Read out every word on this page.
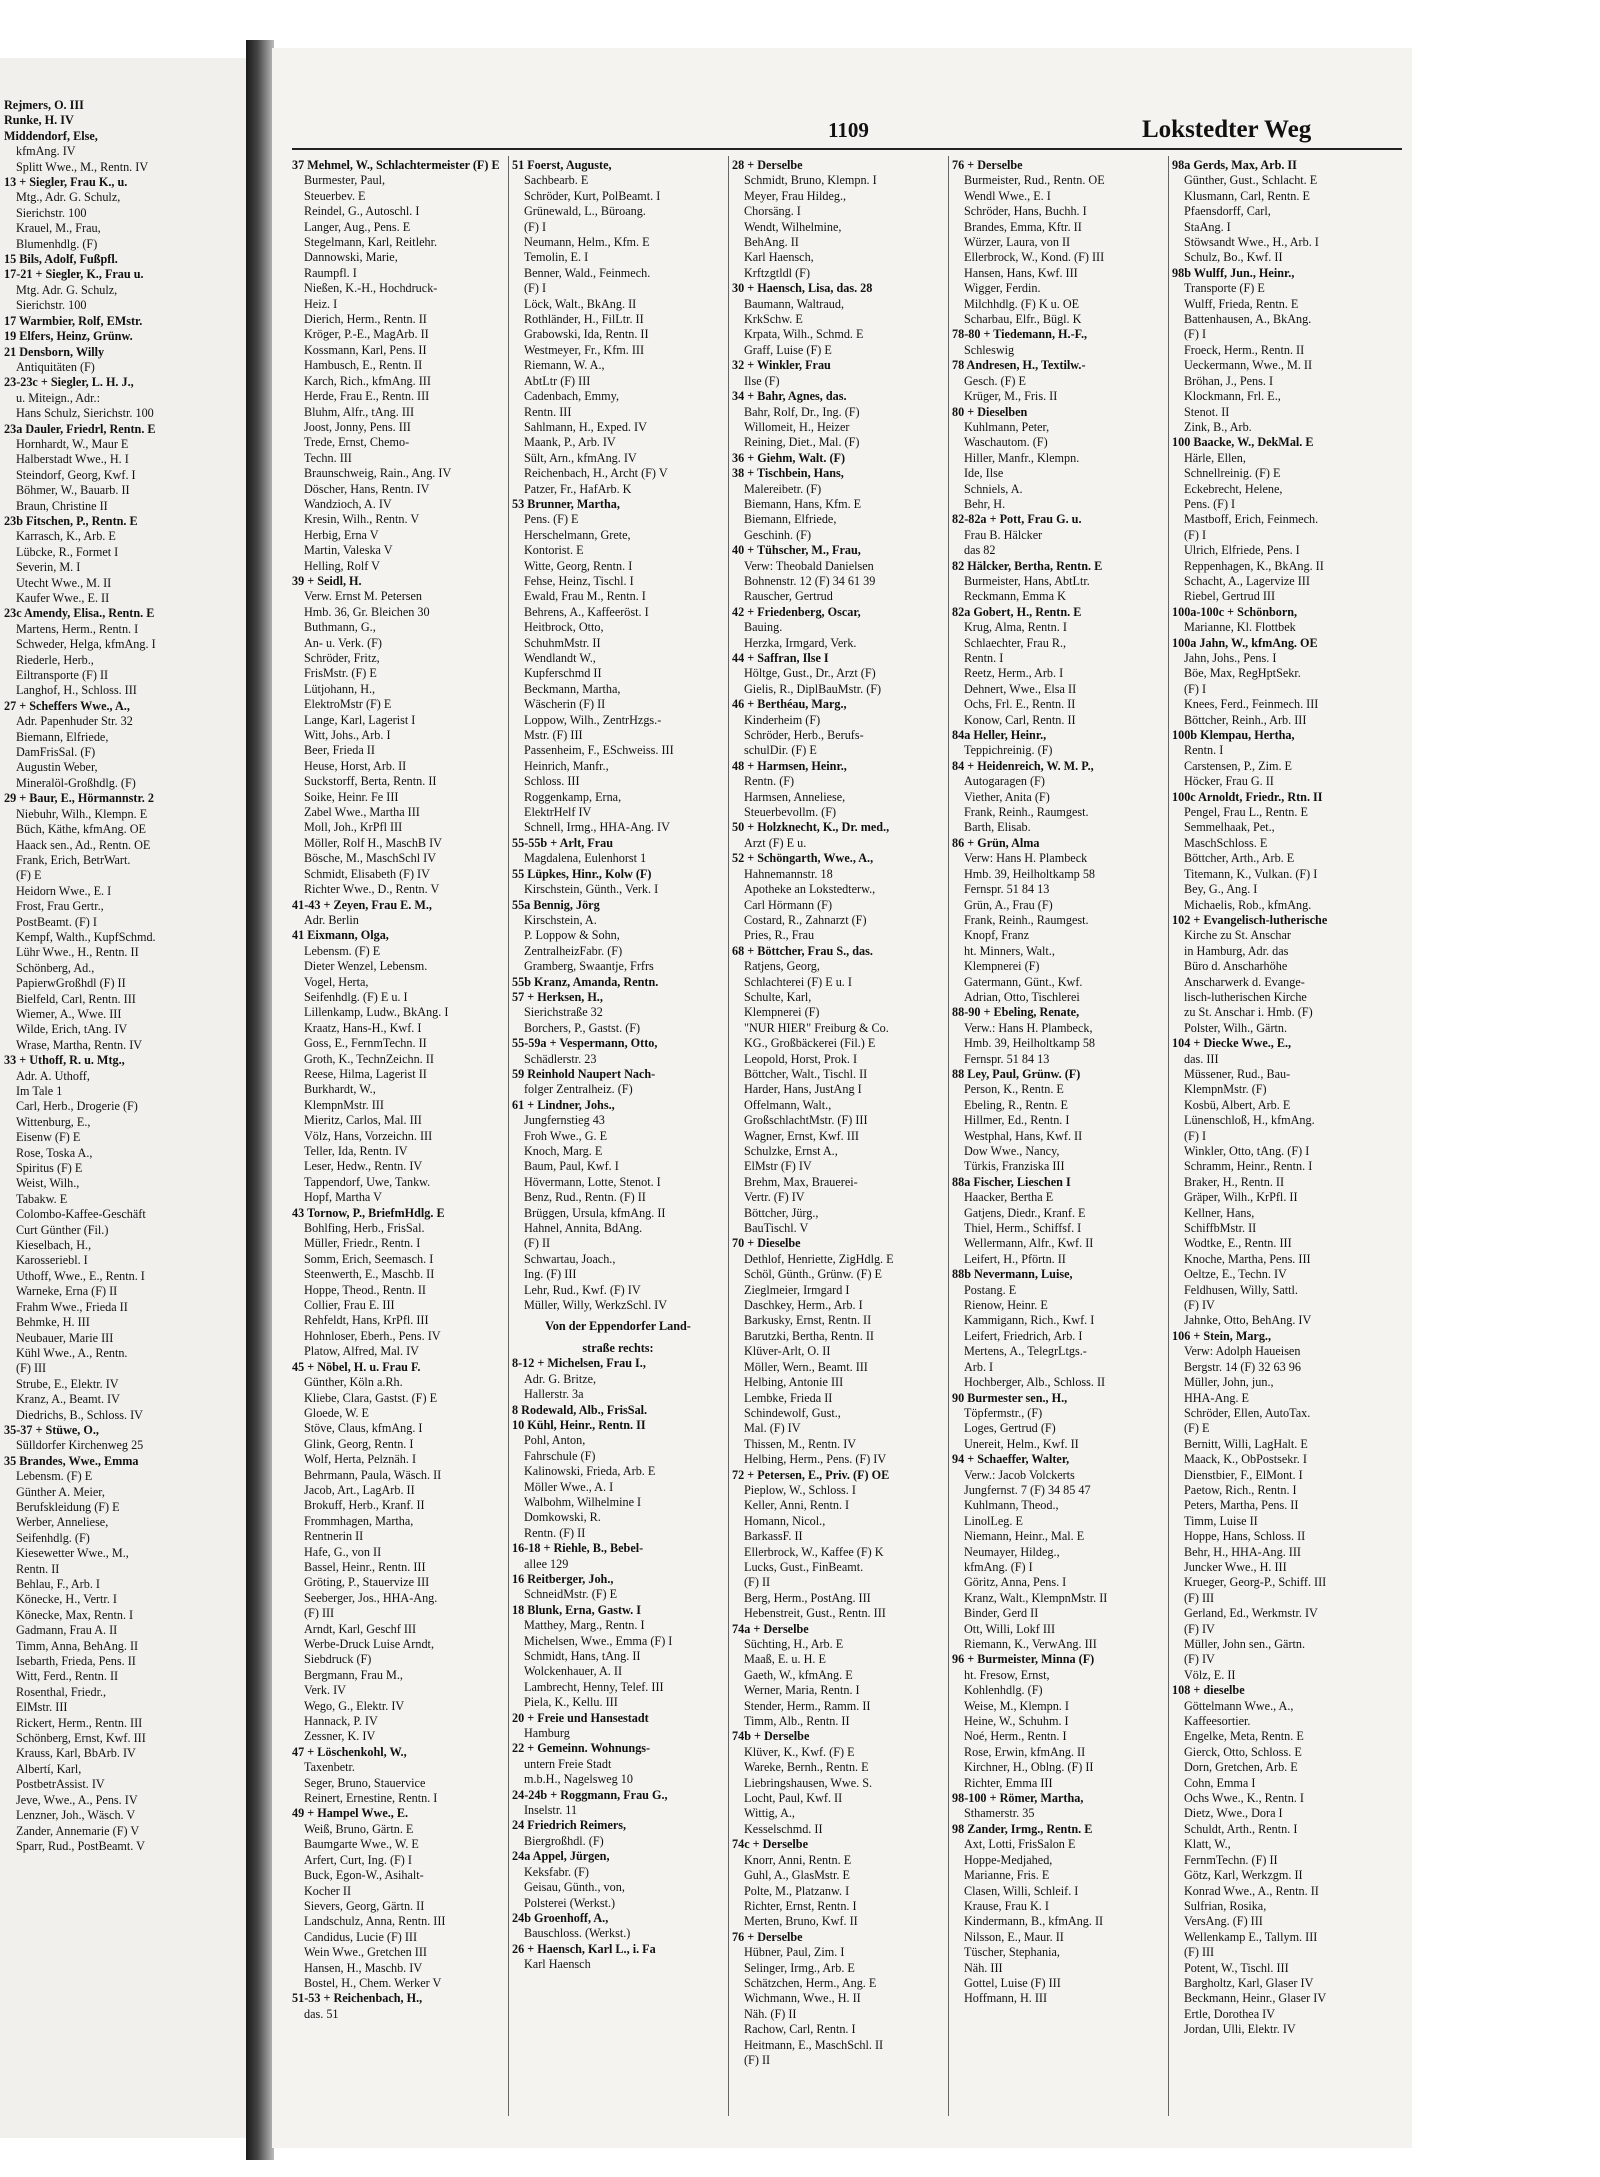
Rejmers, O. III
Runke, H. IV
Middendorf, Else,
kfmAng. IV
Splitt Wwe., M., Rentn. IV
13 + Siegler, Frau K., u.
Mtg., Adr. G. Schulz,
Sierichstr. 100
Krauel, M., Frau,
Blumenhdlg. (F)
15 Bils, Adolf, Fußpfl.
17-21 + Siegler, K., Frau u.
Mtg. Adr. G. Schulz,
Sierichstr. 100
17 Warmbier, Rolf, EMstr.
19 Elfers, Heinz, Grünw.
21 Densborn, Willy
Antiquitäten (F)
23-23c + Siegler, L. H. J.,
u. Miteign., Adr.:
Hans Schulz, Sierichstr. 100
23a Dauler, Friedrl, Rentn. E
Hornhardt, W., Maur E
Halberstadt Wwe., H. I
Steindorf, Georg, Kwf. I
Böhmer, W., Bauarb. II
Braun, Christine II
23b Fitschen, P., Rentn. E
Karrasch, K., Arb. E
Lübcke, R., Formet I
Severin, M. I
Utecht Wwe., M. II
Kaufer Wwe., E. II
23c Amendy, Elisa., Rentn. E
Martens, Herm., Rentn. I
Schweder, Helga, kfmAng. I
Riederle, Herb.,
Eiltransporte (F) II
Langhof, H., Schloss. III
27 + Scheffers Wwe., A.,
Adr. Papenhuder Str. 32
Biemann, Elfriede,
DamFrisSal. (F)
Augustin Weber,
Mineralöl-Großhdlg. (F)
29 + Baur, E., Hörmannstr. 2
Niebuhr, Wilh., Klempn. E
Büch, Käthe, kfmAng. OE
Haack sen., Ad., Rentn. OE
Frank, Erich, BetrWart.
(F) E
Heidorn Wwe., E. I
Frost, Frau Gertr.,
PostBeamt. (F) I
Kempf, Walth., KupfSchmd.
Lühr Wwe., H., Rentn. II
Schönberg, Ad.,
PapierwGroßhdl (F) II
Bielfeld, Carl, Rentn. III
Wiemer, A., Wwe. III
Wilde, Erich, tAng. IV
Wrase, Martha, Rentn. IV
33 + Uthoff, R. u. Mtg.,
Adr. A. Uthoff,
Im Tale 1
Carl, Herb., Drogerie (F)
Wittenburg, E.,
Eisenw (F) E
Rose, Toska A.,
Spiritus (F) E
Weist, Wilh.,
Tabakw. E
Colombo-Kaffee-Geschäft
Curt Günther (Fil.)
Kieselbach, H.,
Karosseriebl. I
Uthoff, Wwe., E., Rentn. I
Warneke, Erna (F) II
Frahm Wwe., Frieda II
Behmke, H. III
Neubauer, Marie III
Kühl Wwe., A., Rentn.
(F) III
Strube, E., Elektr. IV
Kranz, A., Beamt. IV
Diedrichs, B., Schloss. IV
35-37 + Stüwe, O.,
Sülldorfer Kirchenweg 25
35 Brandes, Wwe., Emma
Lebensm. (F) E
Günther A. Meier,
Berufskleidung (F) E
Werber, Anneliese,
Seifenhdlg. (F)
Kiesewetter Wwe., M.,
Rentn. II
Behlau, F., Arb. I
Könecke, H., Vertr. I
Könecke, Max, Rentn. I
Gadmann, Frau A. II
Timm, Anna, BehAng. II
Isebarth, Frieda, Pens. II
Witt, Ferd., Rentn. II
Rosenthal, Friedr.,
ElMstr. III
Rickert, Herm., Rentn. III
Schönberg, Ernst, Kwf. III
Krauss, Karl, BbArb. IV
Albertí, Karl,
PostbetrAssist. IV
Jeve, Wwe., A., Pens. IV
Lenzner, Joh., Wäsch. V
Zander, Annemarie (F) V
Sparr, Rud., PostBeamt. V
1109	Lokstedter Weg
37 Mehmel, W., Schlachtermeister (F) E
Burmester, Paul,
Steuerbev. E
Reindel, G., Autoschl. I
Langer, Aug., Pens. E
Stegelmann, Karl, Reitlehr.
Dannowski, Marie,
Raumpfl. I
Nießen, K.-H., Hochdruck-
Heiz. I
Dierich, Herm., Rentn. II
Kröger, P.-E., MagArb. II
Kossmann, Karl, Pens. II
Hambusch, E., Rentn. II
Karch, Rich., kfmAng. III
Herde, Frau E., Rentn. III
Bluhm, Alfr., tAng. III
Joost, Jonny, Pens. III
Trede, Ernst, Chemo-
Techn. III
Braunschweig, Rain., Ang. IV
Döscher, Hans, Rentn. IV
Wandzioch, A. IV
Kresin, Wilh., Rentn. V
Herbig, Erna V
Martin, Valeska V
Helling, Rolf V
39 + Seidl, H.
Verw. Ernst M. Petersen
Hmb. 36, Gr. Bleichen 30
Buthmann, G.,
An- u. Verk. (F)
Schröder, Fritz,
FrisMstr. (F) E
Lütjohann, H.,
ElektroMstr (F) E
Lange, Karl, Lagerist I
Witt, Johs., Arb. I
Beer, Frieda II
Heuse, Horst, Arb. II
Suckstorff, Berta, Rentn. II
Soike, Heinr. Fe III
Zabel Wwe., Martha III
Moll, Joh., KrPfl III
Möller, Rolf H., MaschB IV
Bösche, M., MaschSchl IV
Schmidt, Elisabeth (F) IV
Richter Wwe., D., Rentn. V
41-43 + Zeyen, Frau E. M.,
Adr. Berlin
41 Eixmann, Olga,
Lebensm. (F) E
Dieter Wenzel, Lebensm.
Vogel, Herta,
Seifenhdlg. (F) E u. I
Lillenkamp, Ludw., BkAng. I
Kraatz, Hans-H., Kwf. I
Goss, E., FernmTechn. II
Groth, K., TechnZeichn. II
Reese, Hilma, Lagerist II
Burkhardt, W.,
KlempnMstr. III
Mieritz, Carlos, Mal. III
Völz, Hans, Vorzeichn. III
Teller, Ida, Rentn. IV
Leser, Hedw., Rentn. IV
Tappendorf, Uwe, Tankw.
Hopf, Martha V
43 Tornow, P., BriefmHdlg. E
Bohlfing, Herb., FrisSal.
Müller, Friedr., Rentn. I
Somm, Erich, Seemasch. I
Steenwerth, E., Maschb. II
Hoppe, Theod., Rentn. II
Collier, Frau E. III
Rehfeldt, Hans, KrPfl. III
Hohnloser, Eberh., Pens. IV
Platow, Alfred, Mal. IV
45 + Nöbel, H. u. Frau F.
Günther, Köln a.Rh.
Kliebe, Clara, Gastst. (F) E
Gloede, W. E
Stöve, Claus, kfmAng. I
Glink, Georg, Rentn. I
Wolf, Herta, Pelznäh. I
Behrmann, Paula, Wäsch. II
Jacob, Art., LagArb. II
Brokuff, Herb., Kranf. II
Frommhagen, Martha,
Rentnerin II
Hafe, G., von II
Bassel, Heinr., Rentn. III
Gröting, P., Stauervize III
Seeberger, Jos., HHA-Ang.
(F) III
Arndt, Karl, Geschf III
Werbe-Druck Luise Arndt,
Siebdruck (F)
Bergmann, Frau M.,
Verk. IV
Wego, G., Elektr. IV
Hannack, P. IV
Zessner, K. IV
47 + Löschenkohl, W.,
Taxenbetr.
Seger, Bruno, Stauervice
Reinert, Ernestine, Rentn. I
49 + Hampel Wwe., E.
Weiß, Bruno, Gärtn. E
Baumgarte Wwe., W. E
Arfert, Curt, Ing. (F) I
Buck, Egon-W., Asihalt-
Kocher II
Sievers, Georg, Gärtn. II
Landschulz, Anna, Rentn. III
Candidus, Lucie (F) III
Wein Wwe., Gretchen III
Hansen, H., Maschb. IV
Bostel, H., Chem. Werker V
51-53 + Reichenbach, H.,
das. 51
51 Foerst, Auguste,
Sachbearb. E
Schröder, Kurt, PolBeamt. I
Grünewald, L., Büroang.
(F) I
Neumann, Helm., Kfm. E
Temolin, E. I
Benner, Wald., Feinmech.
(F) I
Löck, Walt., BkAng. II
Rothländer, H., FilLtr. II
Grabowski, Ida, Rentn. II
Westmeyer, Fr., Kfm. III
Riemann, W. A.,
AbtLtr (F) III
Cadenbach, Emmy,
Rentn. III
Sahlmann, H., Exped. IV
Maank, P., Arb. IV
Sült, Arn., kfmAng. IV
Reichenbach, H., Archt (F) V
Patzer, Fr., HafArb. K
53 Brunner, Martha,
Pens. (F) E
Herschelmann, Grete,
Kontorist. E
Witte, Georg, Rentn. I
Fehse, Heinz, Tischl. I
Ewald, Frau M., Rentn. I
Behrens, A., Kaffeeröst. I
Heitbrock, Otto,
SchuhmMstr. II
Wendlandt W.,
Kupferschmd II
Beckmann, Martha,
Wäscherin (F) II
Loppow, Wilh., ZentrHzgs.-
Mstr. (F) III
Passenheim, F., ESchweiss. III
Heinrich, Manfr.,
Schloss. III
Roggenkamp, Erna,
ElektrHelf IV
Schnell, Irmg., HHA-Ang. IV
55-55b + Arlt, Frau
Magdalena, Eulenhorst 1
55 Lüpkes, Hinr., Kolw (F)
Kirschstein, Günth., Verk. I
55a Bennig, Jörg
Kirschstein, A.
P. Loppow & Sohn,
ZentralheizFabr. (F)
Gramberg, Swaantje, Frfrs
55b Kranz, Amanda, Rentn.
57 + Herksen, H.,
Sierichstraße 32
Borchers, P., Gastst. (F)
55-59a + Vespermann, Otto,
Schädlerstr. 23
59 Reinhold Naupert Nach-
folger Zentralheiz. (F)
61 + Lindner, Johs.,
Jungfernstieg 43
Froh Wwe., G. E
Knoch, Marg. E
Baum, Paul, Kwf. I
Hövermann, Lotte, Stenot. I
Benz, Rud., Rentn. (F) II
Brüggen, Ursula, kfmAng. II
Hahnel, Annita, BdAng.
(F) II
Schwartau, Joach.,
Ing. (F) III
Lehr, Rud., Kwf. (F) IV
Müller, Willy, WerkzSchl. IV
Von der Eppendorfer Land-
straße rechts:
8-12 + Michelsen, Frau I.,
Adr. G. Britze,
Hallerstr. 3a
8 Rodewald, Alb., FrisSal.
10 Kühl, Heinr., Rentn. II
Pohl, Anton,
Fahrschule (F)
Kalinowski, Frieda, Arb. E
Möller Wwe., A. I
Walbohm, Wilhelmine I
Domkowski, R.
Rentn. (F) II
16-18 + Riehle, B., Bebel-
allee 129
16 Reitberger, Joh.,
SchneidMstr. (F) E
18 Blunk, Erna, Gastw. I
Matthey, Marg., Rentn. I
Michelsen, Wwe., Emma (F) I
Schmidt, Hans, tAng. II
Wolckenhauer, A. II
Lambrecht, Henny, Telef. III
Piela, K., Kellu. III
20 + Freie und Hansestadt
Hamburg
22 + Gemeinn. Wohnungs-
untern Freie Stadt
m.b.H., Nagelsweg 10
24-24b + Roggmann, Frau G.,
Inselstr. 11
24 Friedrich Reimers,
Biergroßhdl. (F)
24a Appel, Jürgen,
Keksfabr. (F)
Geisau, Günth., von,
Polsterei (Werkst.)
24b Groenhoff, A.,
Bauschloss. (Werkst.)
26 + Haensch, Karl L., i. Fa
Karl Haensch
28 + Derselbe
Schmidt, Bruno, Klempn. I
Meyer, Frau Hildeg.,
Chorsäng. I
Wendt, Wilhelmine,
BehAng. II
Karl Haensch,
Krftzgtldl (F)
30 + Haensch, Lisa, das. 28
Baumann, Waltraud,
KrkSchw. E
Krpata, Wilh., Schmd. E
Graff, Luise (F) E
32 + Winkler, Frau
Ilse (F)
34 + Bahr, Agnes, das.
Bahr, Rolf, Dr., Ing. (F)
Willomeit, H., Heizer
Reining, Diet., Mal. (F)
36 + Giehm, Walt. (F)
38 + Tischbein, Hans,
Malereibetr. (F)
Biemann, Hans, Kfm. E
Biemann, Elfriede,
Geschinh. (F)
40 + Tühscher, M., Frau,
Verw: Theobald Danielsen
Bohnenstr. 12 (F) 34 61 39
Rauscher, Gertrud
42 + Friedenberg, Oscar,
Bauing.
Herzka, Irmgard, Verk.
44 + Saffran, Ilse I
Höltge, Gust., Dr., Arzt (F)
Gielis, R., DiplBauMstr. (F)
46 + Berthéau, Marg.,
Kinderheim (F)
Schröder, Herb., Berufs-
schulDir. (F) E
48 + Harmsen, Heinr.,
Rentn. (F)
Harmsen, Anneliese,
Steuerbevollm. (F)
50 + Holzknecht, K., Dr. med.,
Arzt (F) E u.
52 + Schöngarth, Wwe., A.,
Hahnemannstr. 18
Apotheke an Lokstedterw.,
Carl Hörmann (F)
Costard, R., Zahnarzt (F)
Pries, R., Frau
68 + Böttcher, Frau S., das.
Ratjens, Georg,
Schlachterei (F) E u. I
Schulte, Karl,
Klempnerei (F)
"NUR HIER" Freiburg & Co.
KG., Großbäckerei (Fil.) E
Leopold, Horst, Prok. I
Böttcher, Walt., Tischl. II
Harder, Hans, JustAng I
Offelmann, Walt.,
GroßschlachtMstr. (F) III
Wagner, Ernst, Kwf. III
Schulzke, Ernst A.,
ElMstr (F) IV
Brehm, Max, Brauerei-
Vertr. (F) IV
Böttcher, Jürg.,
BauTischl. V
70 + Dieselbe
Dethlof, Henriette, ZigHdlg. E
Schöl, Günth., Grünw. (F) E
Zieglmeier, Irmgard I
Daschkey, Herm., Arb. I
Barkusky, Ernst, Rentn. II
Barutzki, Bertha, Rentn. II
Klüver-Arlt, O. II
Möller, Wern., Beamt. III
Helbing, Antonie III
Lembke, Frieda II
Schindewolf, Gust.,
Mal. (F) IV
Thissen, M., Rentn. IV
Helbing, Herm., Pens. (F) IV
72 + Petersen, E., Priv. (F) OE
Pieplow, W., Schloss. I
Keller, Anni, Rentn. I
Homann, Nicol.,
BarkassF. II
Ellerbrock, W., Kaffee (F) K
Lucks, Gust., FinBeamt.
(F) II
Berg, Herm., PostAng. III
Hebenstreit, Gust., Rentn. III
74a + Derselbe
Süchting, H., Arb. E
Maaß, E. u. H. E
Gaeth, W., kfmAng. E
Werner, Maria, Rentn. I
Stender, Herm., Ramm. II
Timm, Alb., Rentn. II
74b + Derselbe
Klüver, K., Kwf. (F) E
Wareke, Bernh., Rentn. E
Liebringshausen, Wwe. S.
Locht, Paul, Kwf. II
Wittig, A.,
Kesselschmd. II
74c + Derselbe
Knorr, Anni, Rentn. E
Guhl, A., GlasMstr. E
Polte, M., Platzanw. I
Richter, Ernst, Rentn. I
Merten, Bruno, Kwf. II
76 + Derselbe
Hübner, Paul, Zim. I
Selinger, Irmg., Arb. E
Schätzchen, Herm., Ang. E
Wichmann, Wwe., H. II
Näh. (F) II
Rachow, Carl, Rentn. I
Heitmann, E., MaschSchl. II
(F) II
76 + Derselbe
Burmeister, Rud., Rentn. OE
Wendl Wwe., E. I
Schröder, Hans, Buchh. I
Brandes, Emma, Kftr. II
Würzer, Laura, von II
Ellerbrock, W., Kond. (F) III
Hansen, Hans, Kwf. III
Wigger, Ferdin.
Milchhdlg. (F) K u. OE
Scharbau, Elfr., Bügl. K
78-80 + Tiedemann, H.-F.,
Schleswig
78 Andresen, H., Textilw.-
Gesch. (F) E
Krüger, M., Fris. II
80 + Dieselben
Kuhlmann, Peter,
Waschautom. (F)
Hiller, Manfr., Klempn.
Ide, Ilse
Schniels, A.
Behr, H.
82-82a + Pott, Frau G. u.
Frau B. Hälcker
das 82
82 Hälcker, Bertha, Rentn. E
Burmeister, Hans, AbtLtr.
Reckmann, Emma K
82a Gobert, H., Rentn. E
Krug, Alma, Rentn. I
Schlaechter, Frau R.,
Rentn. I
Reetz, Herm., Arb. I
Dehnert, Wwe., Elsa II
Ochs, Frl. E., Rentn. II
Konow, Carl, Rentn. II
84a Heller, Heinr.,
Teppichreinig. (F)
84 + Heidenreich, W. M. P.,
Autogaragen (F)
Viether, Anita (F)
Frank, Reinh., Raumgest.
Barth, Elisab.
86 + Grün, Alma
Verw: Hans H. Plambeck
Hmb. 39, Heilholtkamp 58
Fernspr. 51 84 13
Grün, A., Frau (F)
Frank, Reinh., Raumgest.
Knopf, Franz
ht. Minners, Walt.,
Klempnerei (F)
Gatermann, Günt., Kwf.
Adrian, Otto, Tischlerei
88-90 + Ebeling, Renate,
Verw.: Hans H. Plambeck,
Hmb. 39, Heilholtkamp 58
Fernspr. 51 84 13
88 Ley, Paul, Grünw. (F)
Person, K., Rentn. E
Ebeling, R., Rentn. E
Hillmer, Ed., Rentn. I
Westphal, Hans, Kwf. II
Dow Wwe., Nancy,
Türkis, Franziska III
88a Fischer, Lieschen I
Haacker, Bertha E
Gatjens, Diedr., Kranf. E
Thiel, Herm., Schiffsf. I
Wellermann, Alfr., Kwf. II
Leifert, H., Pförtn. II
88b Nevermann, Luise,
Postang. E
Rienow, Heinr. E
Kammigann, Rich., Kwf. I
Leifert, Friedrich, Arb. I
Mertens, A., TelegrLtgs.-
Arb. I
Hochberger, Alb., Schloss. II
90 Burmester sen., H.,
Töpfermstr., (F)
Loges, Gertrud (F)
Unereit, Helm., Kwf. II
94 + Schaeffer, Walter,
Verw.: Jacob Volckerts
Jungfernst. 7 (F) 34 85 47
Kuhlmann, Theod.,
LinolLeg. E
Niemann, Heinr., Mal. E
Neumayer, Hildeg.,
kfmAng. (F) I
Göritz, Anna, Pens. I
Kranz, Walt., KlempnMstr. II
Binder, Gerd II
Ott, Willi, Lokf III
Riemann, K., VerwAng. III
96 + Burmeister, Minna (F)
ht. Fresow, Ernst,
Kohlenhdlg. (F)
Weise, M., Klempn. I
Heine, W., Schuhm. I
Noé, Herm., Rentn. I
Rose, Erwin, kfmAng. II
Kirchner, H., Oblng. (F) II
Richter, Emma III
98-100 + Römer, Martha,
Sthamerstr. 35
98 Zander, Irmg., Rentn. E
Axt, Lotti, FrisSalon E
Hoppe-Medjahed,
Marianne, Fris. E
Clasen, Willi, Schleif. I
Krause, Frau K. I
Kindermann, B., kfmAng. II
Nilsson, E., Maur. II
Tüscher, Stephania,
Näh. III
Gottel, Luise (F) III
Hoffmann, H. III
98a Gerds, Max, Arb. II
Günther, Gust., Schlacht. E
Klusmann, Carl, Rentn. E
Pfaensdorff, Carl,
StaAng. I
Stöwsandt Wwe., H., Arb. I
Schulz, Bo., Kwf. II
98b Wulff, Jun., Heinr.,
Transporte (F) E
Wulff, Frieda, Rentn. E
Battenhausen, A., BkAng.
(F) I
Froeck, Herm., Rentn. II
Ueckermann, Wwe., M. II
Bröhan, J., Pens. I
Klockmann, Frl. E.,
Stenot. II
Zink, B., Arb.
100 Baacke, W., DekMal. E
Härle, Ellen,
Schnellreinig. (F) E
Eckebrecht, Helene,
Pens. (F) I
Mastboff, Erich, Feinmech.
(F) I
Ulrich, Elfriede, Pens. I
Reppenhagen, K., BkAng. II
Schacht, A., Lagervize III
Riebel, Gertrud III
100a-100c + Schönborn,
Marianne, Kl. Flottbek
100a Jahn, W., kfmAng. OE
Jahn, Johs., Pens. I
Böe, Max, RegHptSekr.
(F) I
Knees, Ferd., Feinmech. III
Böttcher, Reinh., Arb. III
100b Klempau, Hertha,
Rentn. I
Carstensen, P., Zim. E
Höcker, Frau G. II
100c Arnoldt, Friedr., Rtn. II
Pengel, Frau L., Rentn. E
Semmelhaak, Pet.,
MaschSchloss. E
Böttcher, Arth., Arb. E
Titemann, K., Vulkan. (F) I
Bey, G., Ang. I
Michaelis, Rob., kfmAng.
102 + Evangelisch-lutherische
Kirche zu St. Anschar
in Hamburg, Adr. das
Büro d. Anscharhöhe
Anscharwerk d. Evange-
lisch-lutherischen Kirche
zu St. Anschar i. Hmb. (F)
Polster, Wilh., Gärtn.
104 + Diecke Wwe., E.,
das. III
Müssener, Rud., Bau-
KlempnMstr. (F)
Kosbü, Albert, Arb. E
Lünenschloß, H., kfmAng.
(F) I
Winkler, Otto, tAng. (F) I
Schramm, Heinr., Rentn. I
Braker, H., Rentn. II
Gräper, Wilh., KrPfl. II
Kellner, Hans,
SchiffbMstr. II
Wodtke, E., Rentn. III
Knoche, Martha, Pens. III
Oeltze, E., Techn. IV
Feldhusen, Willy, Sattl.
(F) IV
Jahnke, Otto, BehAng. IV
106 + Stein, Marg.,
Verw: Adolph Haueisen
Bergstr. 14 (F) 32 63 96
Müller, John, jun.,
HHA-Ang. E
Schröder, Ellen, AutoTax.
(F) E
Bernitt, Willi, LagHalt. E
Maack, K., ObPostsekr. I
Dienstbier, F., ElMont. I
Paetow, Rich., Rentn. I
Peters, Martha, Pens. II
Timm, Luise II
Hoppe, Hans, Schloss. II
Behr, H., HHA-Ang. III
Juncker Wwe., H. III
Krueger, Georg-P., Schiff. III
(F) III
Gerland, Ed., Werkmstr. IV
(F) IV
Müller, John sen., Gärtn.
(F) IV
Völz, E. II
108 + dieselbe
Göttelmann Wwe., A.,
Kaffeesortier.
Engelke, Meta, Rentn. E
Gierck, Otto, Schloss. E
Dorn, Gretchen, Arb. E
Cohn, Emma I
Ochs Wwe., K., Rentn. I
Dietz, Wwe., Dora I
Schuldt, Arth., Rentn. I
Klatt, W.,
FernmTechn. (F) II
Götz, Karl, Werkzgm. II
Konrad Wwe., A., Rentn. II
Sulfrian, Rosika,
VersAng. (F) III
Wellenkamp E., Tallym. III
(F) III
Potent, W., Tischl. III
Bargholtz, Karl, Glaser IV
Beckmann, Heinr., Glaser IV
Ertle, Dorothea IV
Jordan, Ulli, Elektr. IV
